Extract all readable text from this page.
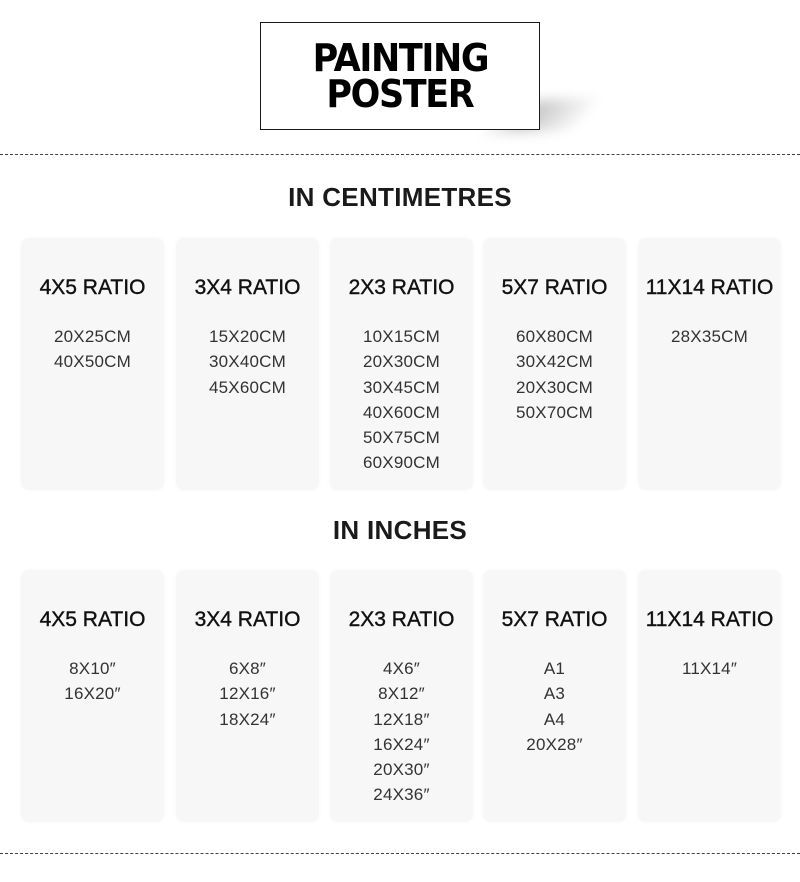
PAINTING
POSTER
IN CENTIMETRES
4X5 RATIO
20X25CM
40X50CM
3X4 RATIO
15X20CM
30X40CM
45X60CM
2X3 RATIO
10X15CM
20X30CM
30X45CM
40X60CM
50X75CM
60X90CM
5X7 RATIO
60X80CM
30X42CM
20X30CM
50X70CM
11X14 RATIO
28X35CM
IN INCHES
4X5 RATIO
8X10″
16X20″
3X4 RATIO
6X8″
12X16″
18X24″
2X3 RATIO
4X6″
8X12″
12X18″
16X24″
20X30″
24X36″
5X7 RATIO
A1
A3
A4
20X28″
11X14 RATIO
11X14″
